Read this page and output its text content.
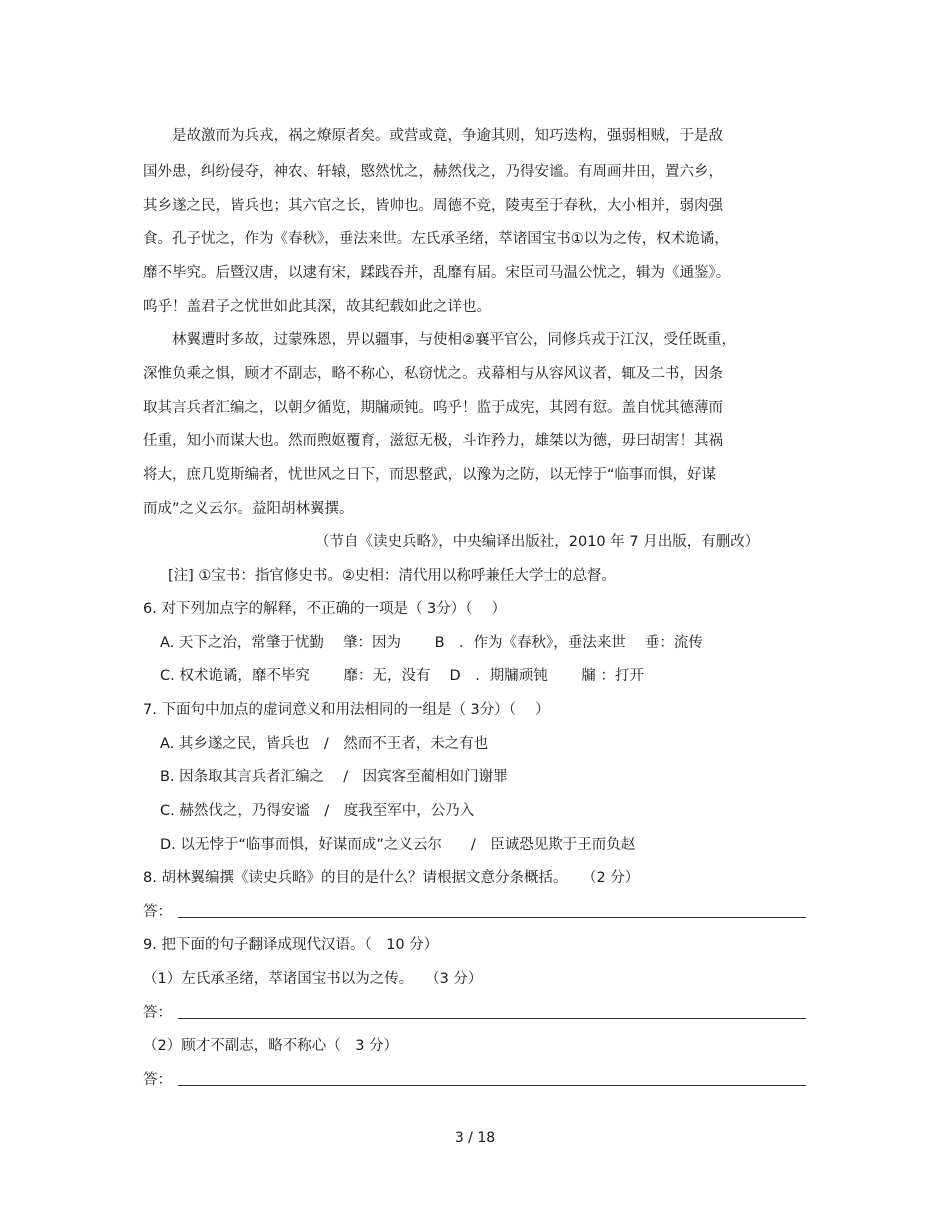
　　是故激而为兵戎，祸之燎原者矣。或营或竟，争逾其则，知巧迭构，强弱相贼，于是敌
国外患，纠纷侵夺，神农、轩辕，愍然忧之，赫然伐之，乃得安谧。有周画井田，置六乡，
其乡遂之民，皆兵也；其六官之长，皆帅也。周德不竞，陵夷至于春秋，大小相并，弱肉强
食。孔子忧之，作为《春秋》，垂法来世。左氏承圣绪，萃诸国宝书①以为之传，权术诡谲，
靡不毕究。后暨汉唐，以逮有宋，蹂践吞并，乱靡有届。宋臣司马温公忧之，辑为《通鉴》。
呜乎！盖君子之忧世如此其深，故其纪载如此之详也。
　　林翼遭时多故，过蒙殊恩，畀以疆事，与使相②襄平官公，同修兵戎于江汉，受任既重，
深惟负乘之惧，顾才不副志，略不称心，私窃忧之。戎幕相与从容风议者，辄及二书，因条
取其言兵者汇编之，以朝夕循览，期牖顽钝。呜乎！监于成宪，其罔有愆。盖自忧其德薄而
任重，知小而谋大也。然而煦妪覆育，滋愆无极，斗诈矜力，雄桀以为德，毋曰胡害！其祸
将大，庶几览斯编者，忧世风之日下，而思整武，以豫为之防，以无悖于“临事而惧，好谋
而成”之义云尔。益阳胡林翼撰。
（节自《读史兵略》，中央编译出版社，2010 年 7 月出版，有删改）
[注] ①宝书：指官修史书。②史相：清代用以称呼兼任大学士的总督。
6. 对下列加点字的解释，不正确的一项是（ 3分）（　 ）
A. 天下之治，常肇于忧勤　 肇：因为　　 B　．作为《春秋》，垂法来世　 垂：流传
C. 权术诡谲，靡不毕究　　 靡：无，没有　 D　．期牖顽钝　　 牖 ：打开
7. 下面句中加点的虚词意义和用法相同的一组是（ 3分）（　 ）
A. 其乡遂之民，皆兵也　/　然而不王者，未之有也
B. 因条取其言兵者汇编之　 /　因宾客至蔺相如门谢罪
C. 赫然伐之，乃得安谧　/　度我至军中，公乃入
D. 以无悖于“临事而惧，好谋而成”之义云尔　　/　臣诚恐见欺于王而负赵
8. 胡林翼编撰《读史兵略》的目的是什么？请根据文意分条概括。　　（2 分）
答：
9. 把下面的句子翻译成现代汉语。（　10 分）
（1）左氏承圣绪，萃诸国宝书以为之传。　 （3 分）
答：
（2）顾才不副志，略不称心（　3 分）
答：
3 / 18
